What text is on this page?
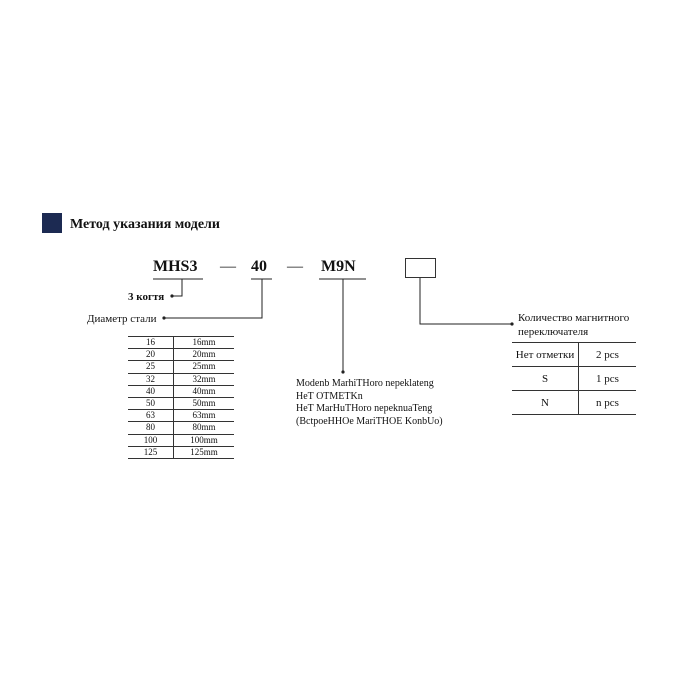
Метод указания модели
MHS3 — 40 — M9N
3 когтя
Диаметр стали	Количество магнитного
переключателя
16	16mm
20	20mm
25	25mm
32	32mm
40	40mm
50	50mm
63	63mm
80	80mm
100	100mm
125	125mm
Modenb MarhiTHoro nepeklateng
HeT OTMETKn
HeT MarHuTHoro nepeknuaTeng
(BctpoeHHOe MariTHOE KonbUo)
Нет отметки	2 pcs
S	1 pcs
N	n pcs
